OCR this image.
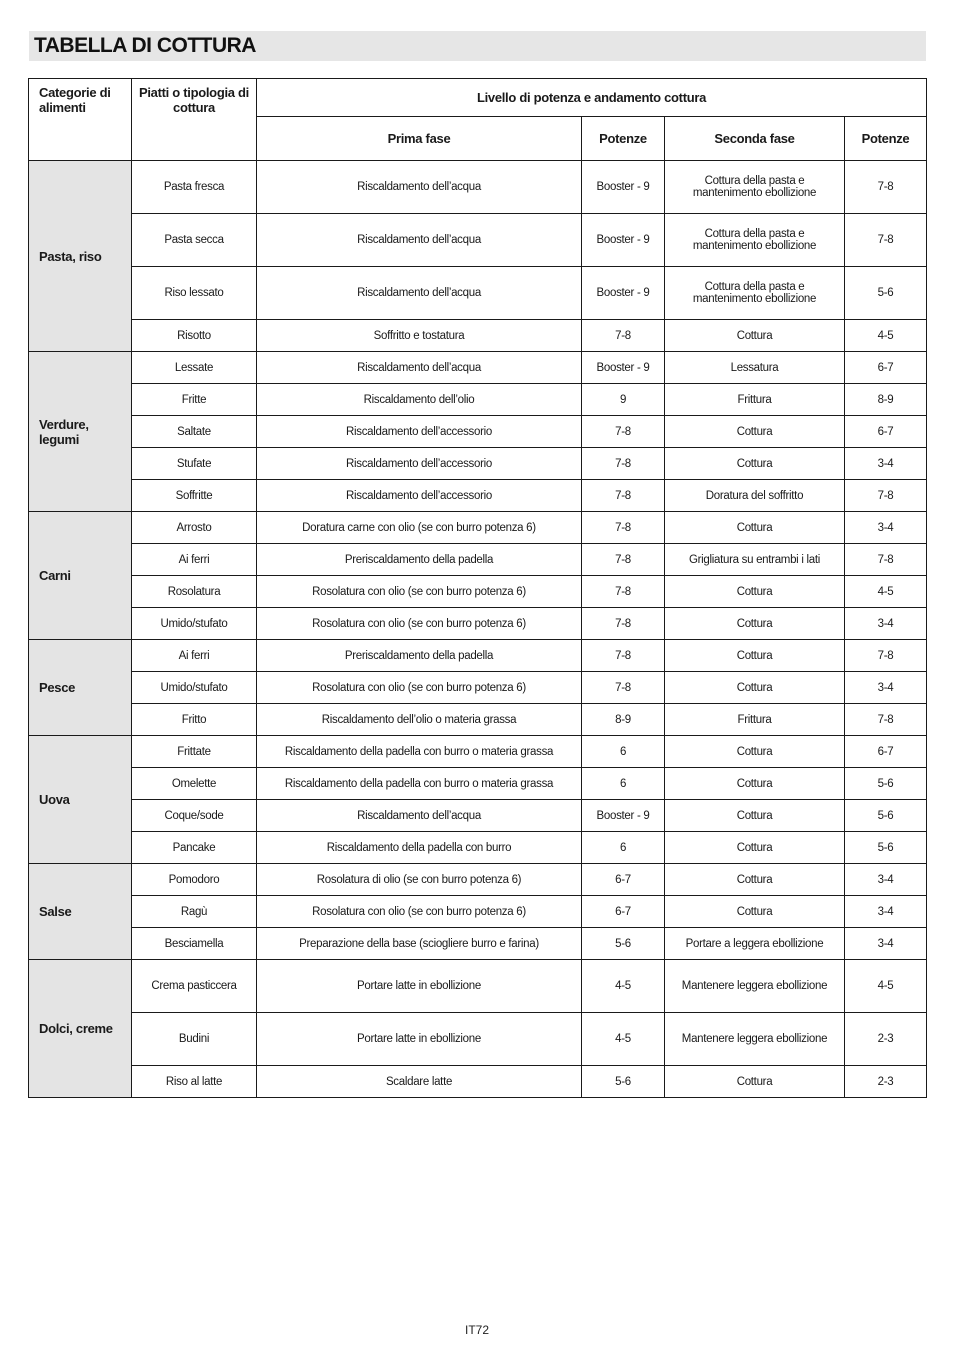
TABELLA DI COTTURA
Categorie di alimenti	Piatti o tipologia di cottura	Livello di potenza e andamento cottura			
		Prima fase	Potenze	Seconda fase	Potenze
Pasta, riso	Pasta fresca	Riscaldamento dell’acqua	Booster - 9	Cottura della pasta e mantenimento ebollizione	7-8
	Pasta secca	Riscaldamento dell’acqua	Booster - 9	Cottura della pasta e mantenimento ebollizione	7-8
	Riso lessato	Riscaldamento dell’acqua	Booster - 9	Cottura della pasta e mantenimento ebollizione	5-6
	Risotto	Soffritto e tostatura	7-8	Cottura	4-5
Verdure, legumi	Lessate	Riscaldamento dell’acqua	Booster - 9	Lessatura	6-7
	Fritte	Riscaldamento dell’olio	9	Frittura	8-9
	Saltate	Riscaldamento dell’accessorio	7-8	Cottura	6-7
	Stufate	Riscaldamento dell’accessorio	7-8	Cottura	3-4
	Soffritte	Riscaldamento dell’accessorio	7-8	Doratura del soffritto	7-8
Carni	Arrosto	Doratura carne con olio (se con burro potenza 6)	7-8	Cottura	3-4
	Ai ferri	Preriscaldamento della padella	7-8	Grigliatura su entrambi i lati	7-8
	Rosolatura	Rosolatura con olio (se con burro potenza 6)	7-8	Cottura	4-5
	Umido/stufato	Rosolatura con olio (se con burro potenza 6)	7-8	Cottura	3-4
Pesce	Ai ferri	Preriscaldamento della padella	7-8	Cottura	7-8
	Umido/stufato	Rosolatura con olio (se con burro potenza 6)	7-8	Cottura	3-4
	Fritto	Riscaldamento dell’olio o materia grassa	8-9	Frittura	7-8
Uova	Frittate	Riscaldamento della padella con burro o materia grassa	6	Cottura	6-7
	Omelette	Riscaldamento della padella con burro o materia grassa	6	Cottura	5-6
	Coque/sode	Riscaldamento dell’acqua	Booster - 9	Cottura	5-6
	Pancake	Riscaldamento della padella con burro	6	Cottura	5-6
Salse	Pomodoro	Rosolatura di olio (se con burro potenza 6)	6-7	Cottura	3-4
	Ragù	Rosolatura con olio (se con burro potenza 6)	6-7	Cottura	3-4
	Besciamella	Preparazione della base (sciogliere burro e farina)	5-6	Portare a leggera ebollizione	3-4
Dolci, creme	Crema pasticcera	Portare latte in ebollizione	4-5	Mantenere leggera ebollizione	4-5
	Budini	Portare latte in ebollizione	4-5	Mantenere leggera ebollizione	2-3
	Riso al latte	Scaldare latte	5-6	Cottura	2-3
IT72
